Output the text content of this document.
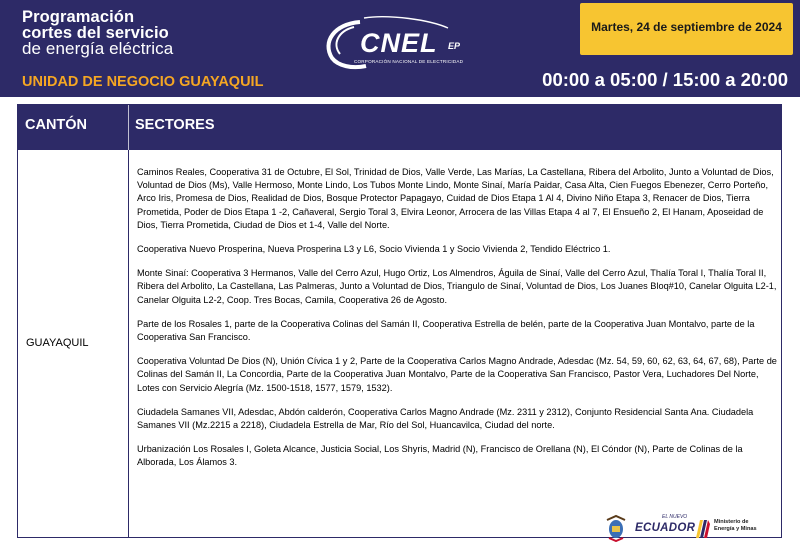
Programación
cortes del servicio
de energía eléctrica
UNIDAD DE NEGOCIO GUAYAQUIL
CNEL EP
CORPORACIÓN NACIONAL DE ELECTRICIDAD
Martes, 24 de septiembre de 2024
00:00 a 05:00 / 15:00 a 20:00
CANTÓN	SECTORES
GUAYAQUIL

Caminos Reales, Cooperativa 31 de Octubre, El Sol, Trinidad de Dios, Valle Verde, Las Marías, La Castellana, Ribera del Arbolito, Junto a Voluntad de Dios, Voluntad de Dios (Ms), Valle Hermoso, Monte Lindo, Los Tubos Monte Lindo, Monte Sinaí, María Paidar, Casa Alta, Cien Fuegos Ebenezer, Cerro Porteño, Arco Iris, Promesa de Dios, Realidad de Dios, Bosque Protector Papagayo, Cuidad de Dios Etapa 1 Al 4, Divino Niño Etapa 3, Renacer de Dios, Tierra Prometida, Poder de Dios Etapa 1 -2, Cañaveral, Sergio Toral 3, Elvira Leonor, Arrocera de las Villas Etapa 4 al 7, El Ensueño 2, El Hanam, Aposeidad de Dios, Tierra Prometida, Ciudad de Dios et 1-4, Valle del Norte.

Cooperativa Nuevo Prosperina, Nueva Prosperina L3 y L6, Socio Vivienda 1 y Socio Vivienda 2, Tendido Eléctrico 1.

Monte Sinaí: Cooperativa 3 Hermanos, Valle del Cerro Azul, Hugo Ortiz, Los Almendros, Águila de Sinaí, Valle del Cerro Azul, Thalía Toral I, Thalía Toral II, Ribera del Arbolito, La Castellana, Las Palmeras, Junto a Voluntad de Dios, Triangulo de Sinaí, Voluntad de Dios, Los Juanes Bloq#10, Canelar Olguita L2-1, Canelar Olguita L2-2, Coop. Tres Bocas, Camila, Cooperativa 26 de Agosto.

Parte de los Rosales 1, parte de la Cooperativa Colinas del Samán II, Cooperativa Estrella de belén, parte de la Cooperativa Juan Montalvo, parte de la Cooperativa San Francisco.

Cooperativa Voluntad De Dios (N), Unión Cívica 1 y 2, Parte de la Cooperativa Carlos Magno Andrade, Adesdac (Mz. 54, 59, 60, 62, 63, 64, 67, 68), Parte de Colinas del Samán II, La Concordia, Parte de la Cooperativa Juan Montalvo, Parte de la Cooperativa San Francisco, Pastor Vera, Luchadores Del Norte, Lotes con Servicio Alegría (Mz. 1500-1518, 1577, 1579, 1532).

Ciudadela Samanes VII, Adesdac, Abdón calderón, Cooperativa Carlos Magno Andrade (Mz. 2311 y 2312), Conjunto Residencial Santa Ana. Ciudadela Samanes VII (Mz.2215 a 2218), Ciudadela Estrella de Mar, Río del Sol, Huancavilca, Ciudad del norte.

Urbanización Los Rosales I, Goleta Alcance, Justicia Social, Los Shyris, Madrid (N), Francisco de Orellana (N), El Cóndor (N), Parte de Colinas de la Alborada, Los Álamos 3.

EL NUEVO
ECUADOR	Ministerio de
Energía y Minas
